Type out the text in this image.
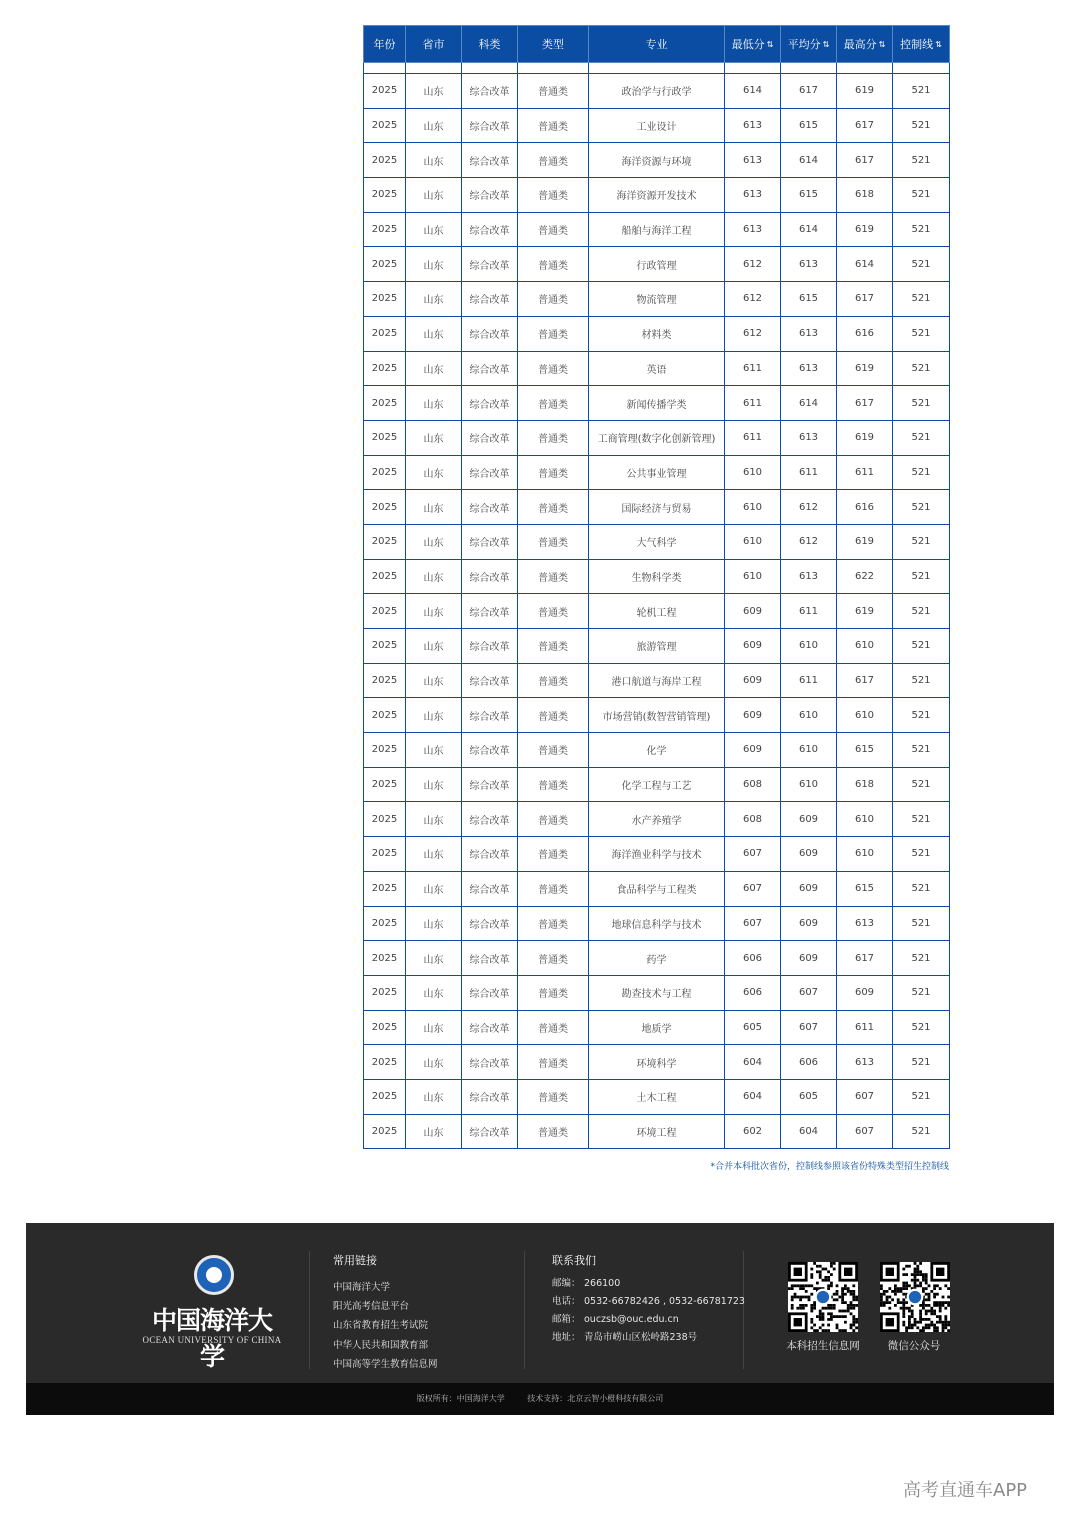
年份	省市	科类	类型	专业	最低分 ⇅	平均分 ⇅	最高分 ⇅	控制线 ⇅

2025	山东	综合改革	普通类	政治学与行政学	614	617	619	521
2025	山东	综合改革	普通类	工业设计	613	615	617	521
2025	山东	综合改革	普通类	海洋资源与环境	613	614	617	521
2025	山东	综合改革	普通类	海洋资源开发技术	613	615	618	521
2025	山东	综合改革	普通类	船舶与海洋工程	613	614	619	521
2025	山东	综合改革	普通类	行政管理	612	613	614	521
2025	山东	综合改革	普通类	物流管理	612	615	617	521
2025	山东	综合改革	普通类	材料类	612	613	616	521
2025	山东	综合改革	普通类	英语	611	613	619	521
2025	山东	综合改革	普通类	新闻传播学类	611	614	617	521
2025	山东	综合改革	普通类	工商管理(数字化创新管理)	611	613	619	521
2025	山东	综合改革	普通类	公共事业管理	610	611	611	521
2025	山东	综合改革	普通类	国际经济与贸易	610	612	616	521
2025	山东	综合改革	普通类	大气科学	610	612	619	521
2025	山东	综合改革	普通类	生物科学类	610	613	622	521
2025	山东	综合改革	普通类	轮机工程	609	611	619	521
2025	山东	综合改革	普通类	旅游管理	609	610	610	521
2025	山东	综合改革	普通类	港口航道与海岸工程	609	611	617	521
2025	山东	综合改革	普通类	市场营销(数智营销管理)	609	610	610	521
2025	山东	综合改革	普通类	化学	609	610	615	521
2025	山东	综合改革	普通类	化学工程与工艺	608	610	618	521
2025	山东	综合改革	普通类	水产养殖学	608	609	610	521
2025	山东	综合改革	普通类	海洋渔业科学与技术	607	609	610	521
2025	山东	综合改革	普通类	食品科学与工程类	607	609	615	521
2025	山东	综合改革	普通类	地球信息科学与技术	607	609	613	521
2025	山东	综合改革	普通类	药学	606	609	617	521
2025	山东	综合改革	普通类	勘查技术与工程	606	607	609	521
2025	山东	综合改革	普通类	地质学	605	607	611	521
2025	山东	综合改革	普通类	环境科学	604	606	613	521
2025	山东	综合改革	普通类	土木工程	604	605	607	521
2025	山东	综合改革	普通类	环境工程	602	604	607	521
*合并本科批次省份，控制线参照该省份特殊类型招生控制线
中国海洋大学
OCEAN UNIVERSITY OF CHINA
常用链接
中国海洋大学
阳光高考信息平台
山东省教育招生考试院
中华人民共和国教育部
中国高等学生教育信息网
联系我们
邮编： 266100
电话： 0532-66782426 , 0532-66781723
邮箱： ouczsb@ouc.edu.cn
地址： 青岛市崂山区松岭路238号
本科招生信息网	微信公众号
版权所有：中国海洋大学	技术支持：北京云智小橙科技有限公司
高考直通车APP
